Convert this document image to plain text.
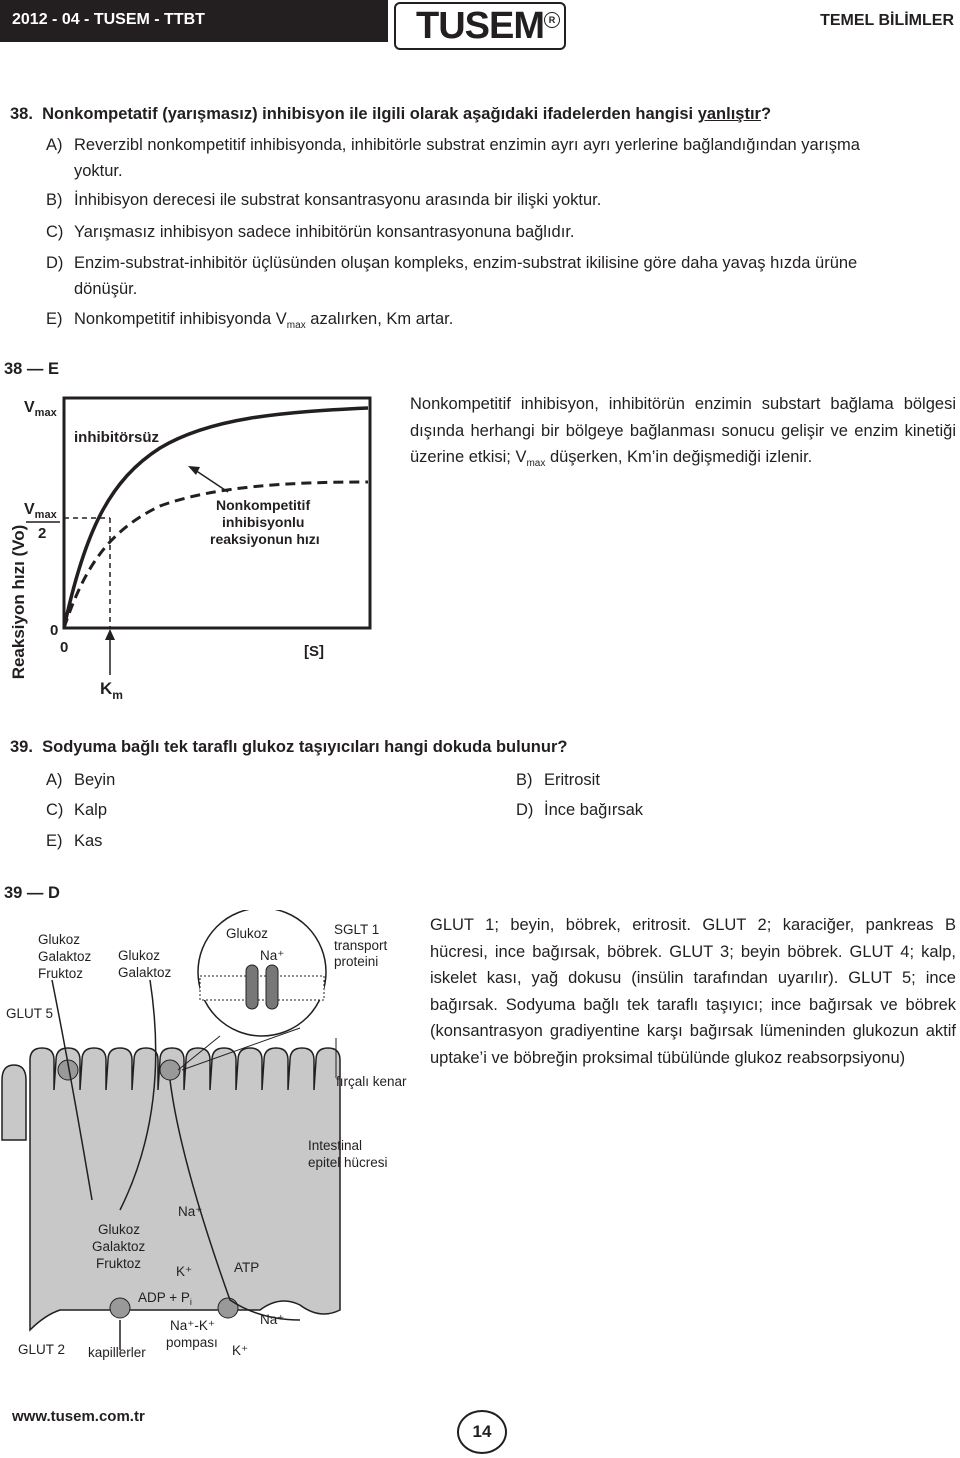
2012 - 04 - TUSEM - TTBT	TUSEM R	TEMEL BİLİMLER
38. Nonkompetatif (yarışmasız) inhibisyon ile ilgili olarak aşağıdaki ifadelerden hangisi yanlıştır?
A) Reverzibl nonkompetitif inhibisyonda, inhibitörle substrat enzimin ayrı ayrı yerlerine bağlandığından yarışma
yoktur.
B) İnhibisyon derecesi ile substrat konsantrasyonu arasında bir ilişki yoktur.
C) Yarışmasız inhibisyon sadece inhibitörün konsantrasyonuna bağlıdır.
D) Enzim-substrat-inhibitör üçlüsünden oluşan kompleks, enzim-substrat ikilisine göre daha yavaş hızda ürüne
dönüşür.
E) Nonkompetitif inhibisyonda $V_{max}$ azalırken, Km artar.
38 — E
$V_{max}$
$V_{max}$
2
Reaksiyon hızı (Vo) 0
0	[S]
$K_m$
inhibitörsüz
Nonkompetitif
inhibisyonlu
reaksiyonun hızı
Nonkompetitif inhibisyon, inhibitörün enzimin substart bağlama bölgesi dışında herhangi bir bölgeye bağlanması sonucu gelişir ve enzim kinetiği üzerine etkisi; $V_{max}$ düşerken, Km’in değişmediği izlenir.
39. Sodyuma bağlı tek taraflı glukoz taşıyıcıları hangi dokuda bulunur?
A) Beyin	B) Eritrosit
C) Kalp	D) İnce bağırsak
E) Kas
39 — D
Glukoz
Galaktoz
Fruktoz
Glukoz
Galaktoz
GLUT 5
Glukoz
Na⁺
SGLT 1
transport
proteini
fırçalı kenar
Intestinal
epitel hücresi
Glukoz
Galaktoz
Fruktoz
Na⁺
K⁺	ATP
ADP + $P_i$
Na⁺-K⁺
pompası
Na⁺
K⁺
GLUT 2 kapillerler
GLUT 1; beyin, böbrek, eritrosit. GLUT 2; karaciğer, pankreas B hücresi, ince bağırsak, böbrek. GLUT 3; beyin böbrek. GLUT 4; kalp, iskelet kası, yağ dokusu (insülin tarafından uyarılır). GLUT 5; ince bağırsak. Sodyuma bağlı tek taraflı taşıyıcı; ince bağırsak ve böbrek (konsantrasyon gradiyentine karşı bağırsak lümeninden glukozun aktif uptake’i ve böbreğin proksimal tübülünde glukoz reabsorpsiyonu)
www.tusem.com.tr
14
